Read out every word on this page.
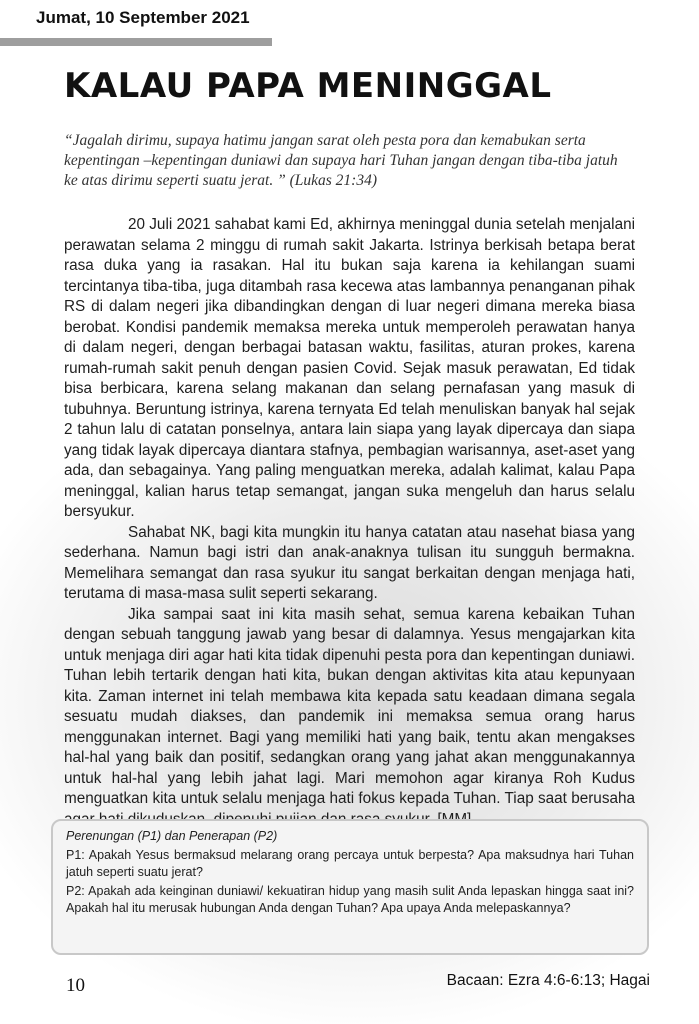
Jumat, 10 September 2021
KALAU PAPA MENINGGAL
“Jagalah dirimu, supaya hatimu jangan sarat oleh pesta pora dan kemabukan serta kepentingan –kepentingan duniawi dan supaya hari Tuhan jangan dengan tiba-tiba jatuh ke atas dirimu seperti suatu jerat. ” (Lukas 21:34)

20 Juli 2021 sahabat kami Ed, akhirnya meninggal dunia setelah menjalani perawatan selama 2 minggu di rumah sakit Jakarta. Istrinya berkisah betapa berat rasa duka yang ia rasakan. Hal itu bukan saja karena ia kehilangan suami tercintanya tiba-tiba, juga ditambah rasa kecewa atas lambannya penanganan pihak RS di dalam negeri jika dibandingkan dengan di luar negeri dimana mereka biasa berobat. Kondisi pandemik memaksa mereka untuk memperoleh perawatan hanya di dalam negeri, dengan berbagai batasan waktu, fasilitas, aturan prokes, karena rumah-rumah sakit penuh dengan pasien Covid. Sejak masuk perawatan, Ed tidak bisa berbicara, karena selang makanan dan selang pernafasan yang masuk di tubuhnya. Beruntung istrinya, karena ternyata Ed telah menuliskan banyak hal sejak 2 tahun lalu di catatan ponselnya, antara lain siapa yang layak dipercaya dan siapa yang tidak layak dipercaya diantara stafnya, pembagian warisannya, aset-aset yang ada, dan sebagainya. Yang paling menguatkan mereka, adalah kalimat, kalau Papa meninggal, kalian harus tetap semangat, jangan suka mengeluh dan harus selalu bersyukur.

Sahabat NK, bagi kita mungkin itu hanya catatan atau nasehat biasa yang sederhana. Namun bagi istri dan anak-anaknya tulisan itu sungguh bermakna. Memelihara semangat dan rasa syukur itu sangat berkaitan dengan menjaga hati, terutama di masa-masa sulit seperti sekarang.

Jika sampai saat ini kita masih sehat, semua karena kebaikan Tuhan dengan sebuah tanggung jawab yang besar di dalamnya. Yesus mengajarkan kita untuk menjaga diri agar hati kita tidak dipenuhi pesta pora dan kepentingan duniawi. Tuhan lebih tertarik dengan hati kita, bukan dengan aktivitas kita atau kepunyaan kita. Zaman internet ini telah membawa kita kepada satu keadaan dimana segala sesuatu mudah diakses, dan pandemik ini memaksa semua orang harus menggunakan internet. Bagi yang memiliki hati yang baik, tentu akan mengakses hal-hal yang baik dan positif, sedangkan orang yang jahat akan menggunakannya untuk hal-hal yang lebih jahat lagi. Mari memohon agar kiranya Roh Kudus menguatkan kita untuk selalu menjaga hati fokus kepada Tuhan. Tiap saat berusaha

Perenungan (P1) dan Penerapan (P2)

P1: Apakah Yesus bermaksud melarang orang percaya untuk berpesta? Apa maksudnya hari Tuhan jatuh seperti suatu jerat?

P2: Apakah ada keinginan duniawi/ kekuatiran hidup yang masih sulit Anda lepaskan hingga saat ini? Apakah hal itu merusak hubungan Anda dengan Tuhan? Apa upaya Anda melepaskannya?

10	Bacaan: Ezra 4:6-6:13; Hagai
